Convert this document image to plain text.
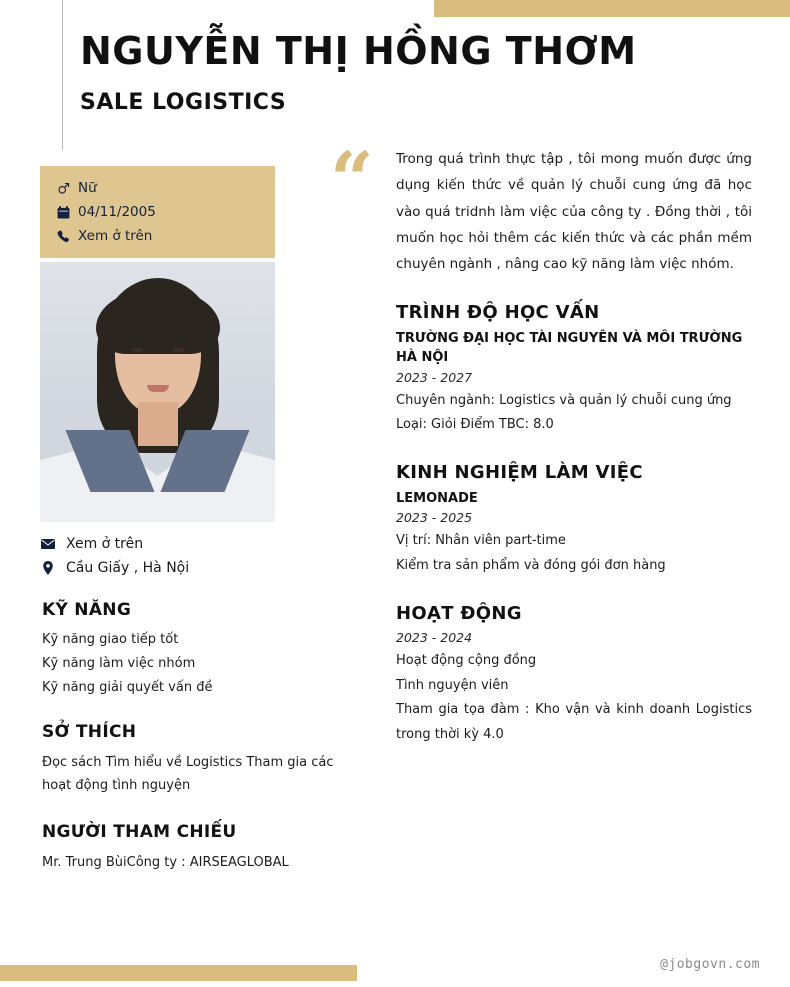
NGUYỄN THỊ HỒNG THƠM
SALE LOGISTICS
Nữ
04/11/2005
Xem ở trên
Xem ở trên
Cầu Giấy , Hà Nội
KỸ NĂNG

Kỹ năng giao tiếp tốt

Kỹ năng làm việc nhóm

Kỹ năng giải quyết vấn đề

SỞ THÍCH

Đọc sách Tìm hiểu về Logistics Tham gia các hoạt động tình nguyện

NGƯỜI THAM CHIẾU

Mr. Trung BùiCông ty : AIRSEAGLOBAL

“ Trong quá trình thực tập , tôi mong muốn được ứng dụng kiến thức về quản lý chuỗi cung ứng đã học vào quá tridnh làm việc của công ty . Đồng thời , tôi muốn học hỏi thêm các kiến thức và các phần mềm chuyên ngành , nâng cao kỹ năng làm việc nhóm.

TRÌNH ĐỘ HỌC VẤN
TRƯỜNG ĐẠI HỌC TÀI NGUYÊN VÀ MÔI TRƯỜNG HÀ NỘI
2023 - 2027

Chuyên ngành: Logistics và quản lý chuỗi cung ứng

Loại: Giỏi Điểm TBC: 8.0

KINH NGHIỆM LÀM VIỆC
LEMONADE
2023 - 2025

Vị trí: Nhân viên part-time

Kiểm tra sản phẩm và đóng gói đơn hàng

HOẠT ĐỘNG
2023 - 2024

Hoạt động cộng đồng

Tình nguyện viên

Tham gia tọa đàm : Kho vận và kinh doanh Logistics trong thời kỳ 4.0

@jobgovn.com
